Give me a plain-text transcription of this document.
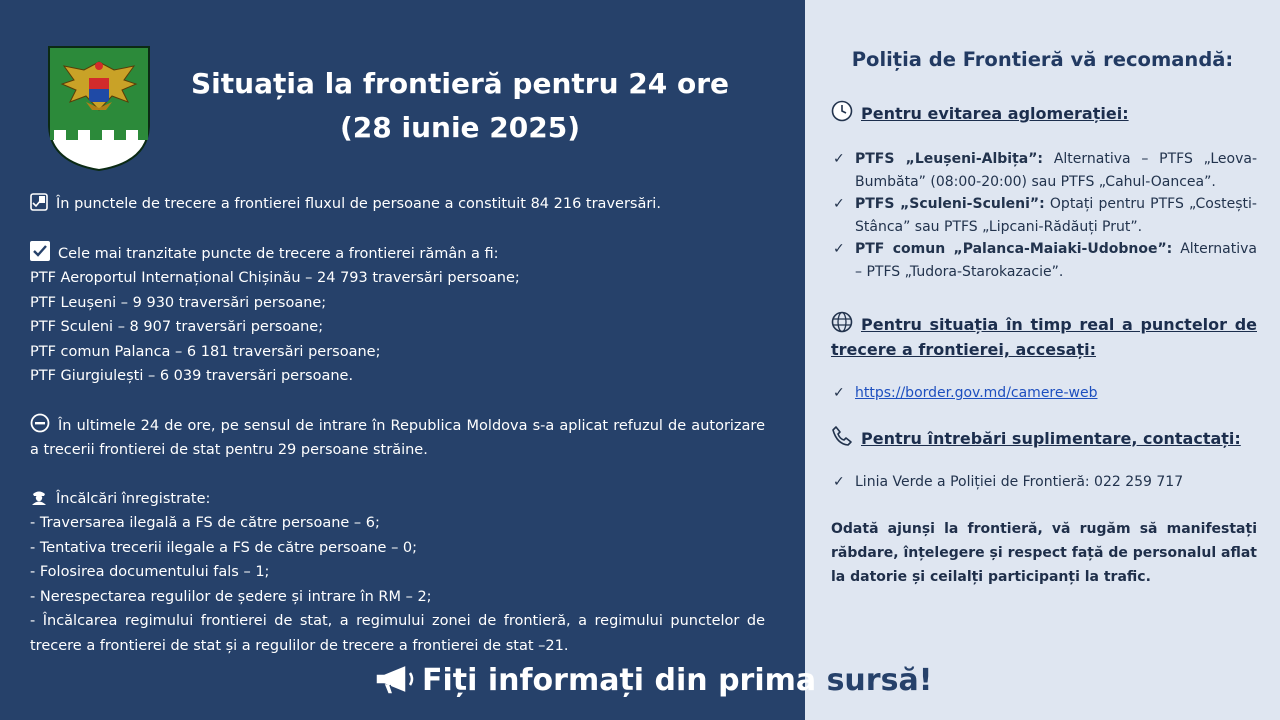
Situația la frontieră pentru 24 ore
(28 iunie 2025)

În punctele de trecere a frontierei fluxul de persoane a constituit 84 216 traversări.

Cele mai tranzitate puncte de trecere a frontierei rămân a fi:
PTF Aeroportul Internațional Chișinău – 24 793 traversări persoane;
PTF Leușeni – 9 930 traversări persoane;
PTF Sculeni – 8 907 traversări persoane;
PTF comun Palanca – 6 181 traversări persoane;
PTF Giurgiulești – 6 039 traversări persoane.

În ultimele 24 de ore, pe sensul de intrare în Republica Moldova s-a aplicat refuzul de autorizare a trecerii frontierei de stat pentru 29 persoane străine.

Încălcări înregistrate:
- Traversarea ilegală a FS de către persoane – 6;
- Tentativa trecerii ilegale a FS de către persoane – 0;
- Folosirea documentului fals – 1;
- Nerespectarea regulilor de ședere și intrare în RM – 2;

- Încălcarea regimului frontierei de stat, a regimului zonei de frontieră, a regimului punctelor de trecere a frontierei de stat și a regulilor de trecere a frontierei de stat –21.

Poliția de Frontieră vă recomandă:
Pentru evitarea aglomerației:
✓ PTFS „Leușeni-Albița”: Alternativa – PTFS „Leova-Bumbăta” (08:00-20:00) sau PTFS „Cahul-Oancea”.
✓ PTFS „Sculeni-Sculeni”: Optați pentru PTFS „Costești-Stânca” sau PTFS „Lipcani-Rădăuți Prut”.
✓ PTF comun „Palanca-Maiaki-Udobnoe”: Alternativa – PTFS „Tudora-Starokazacie”.
Pentru situația în timp real a punctelor de trecere a frontierei, accesați:
✓ https://border.gov.md/camere-web
Pentru întrebări suplimentare, contactați:
✓ Linia Verde a Poliției de Frontieră: 022 259 717

Odată ajunși la frontieră, vă rugăm să manifestați răbdare, înțelegere și respect față de personalul aflat la datorie și ceilalți participanți la trafic.

Fiți informați din prima sursă!
